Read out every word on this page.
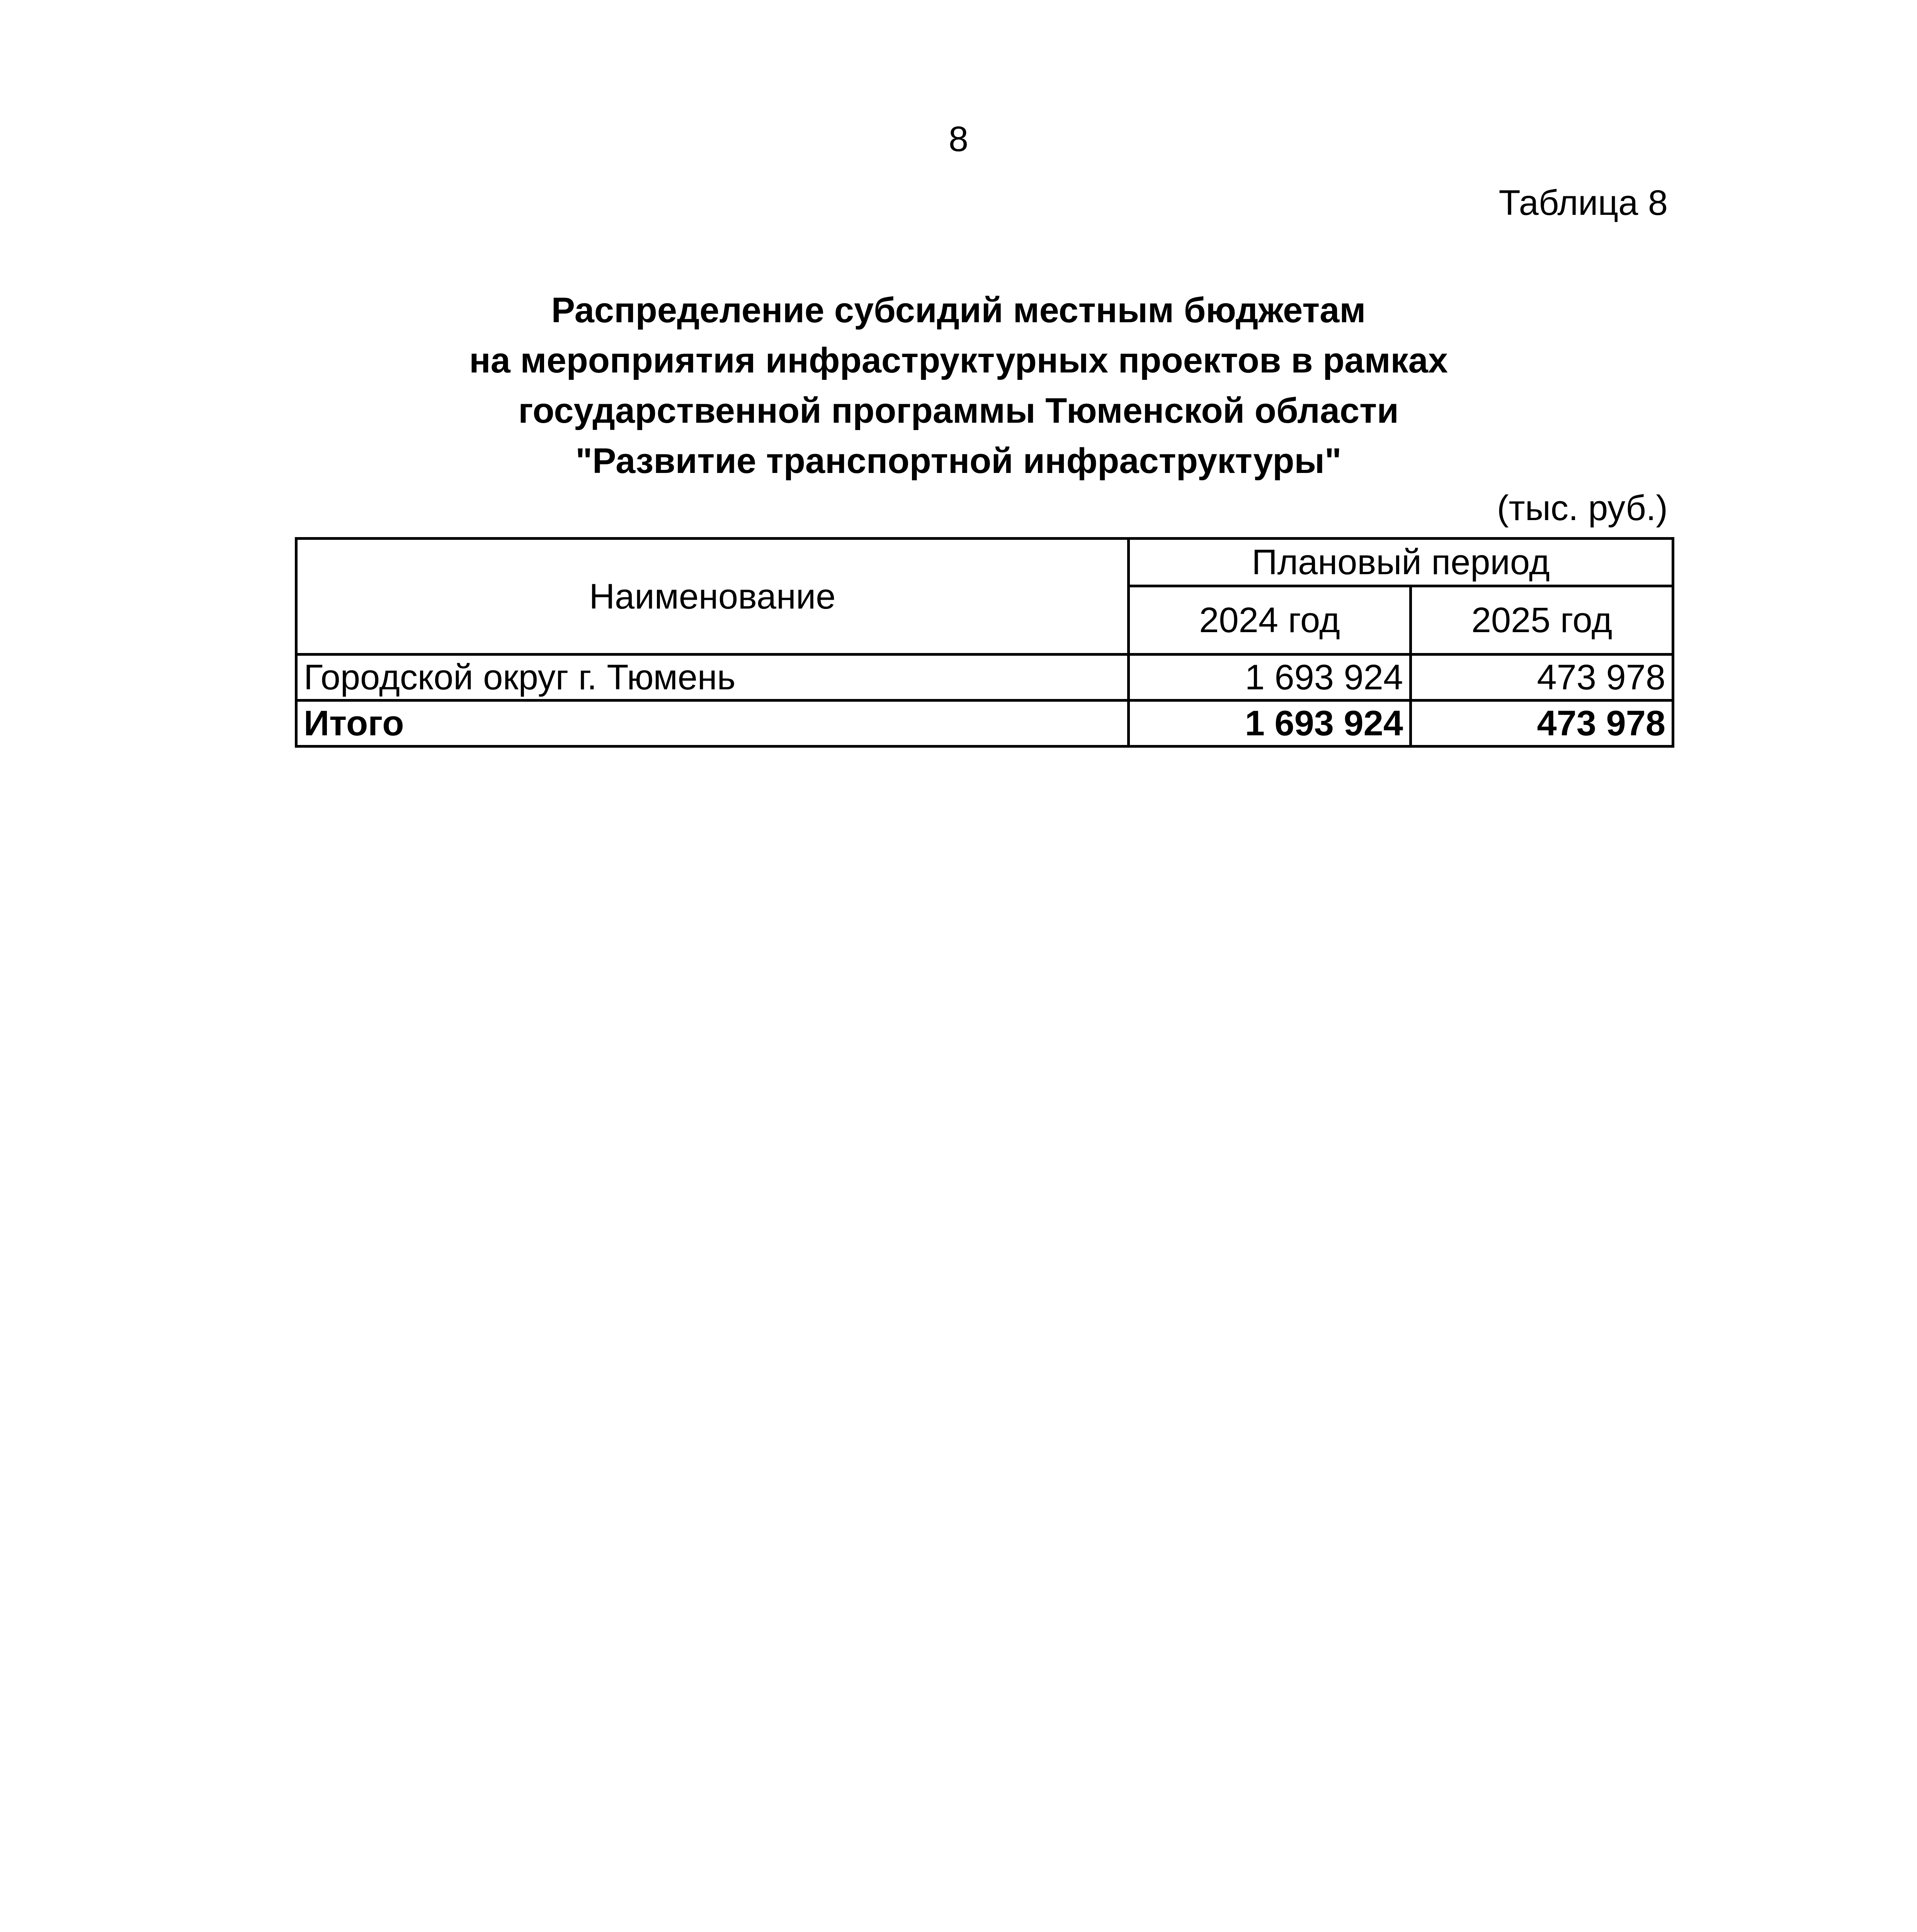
8
Таблица 8
Распределение субсидий местным бюджетам
на мероприятия инфраструктурных проектов в рамках
государственной программы Тюменской области
"Развитие транспортной инфраструктуры"
(тыс. руб.)
Наименование	Плановый период	
	2024 год	2025 год
Городской округ г. Тюмень	1 693 924	473 978
Итого	1 693 924	473 978
